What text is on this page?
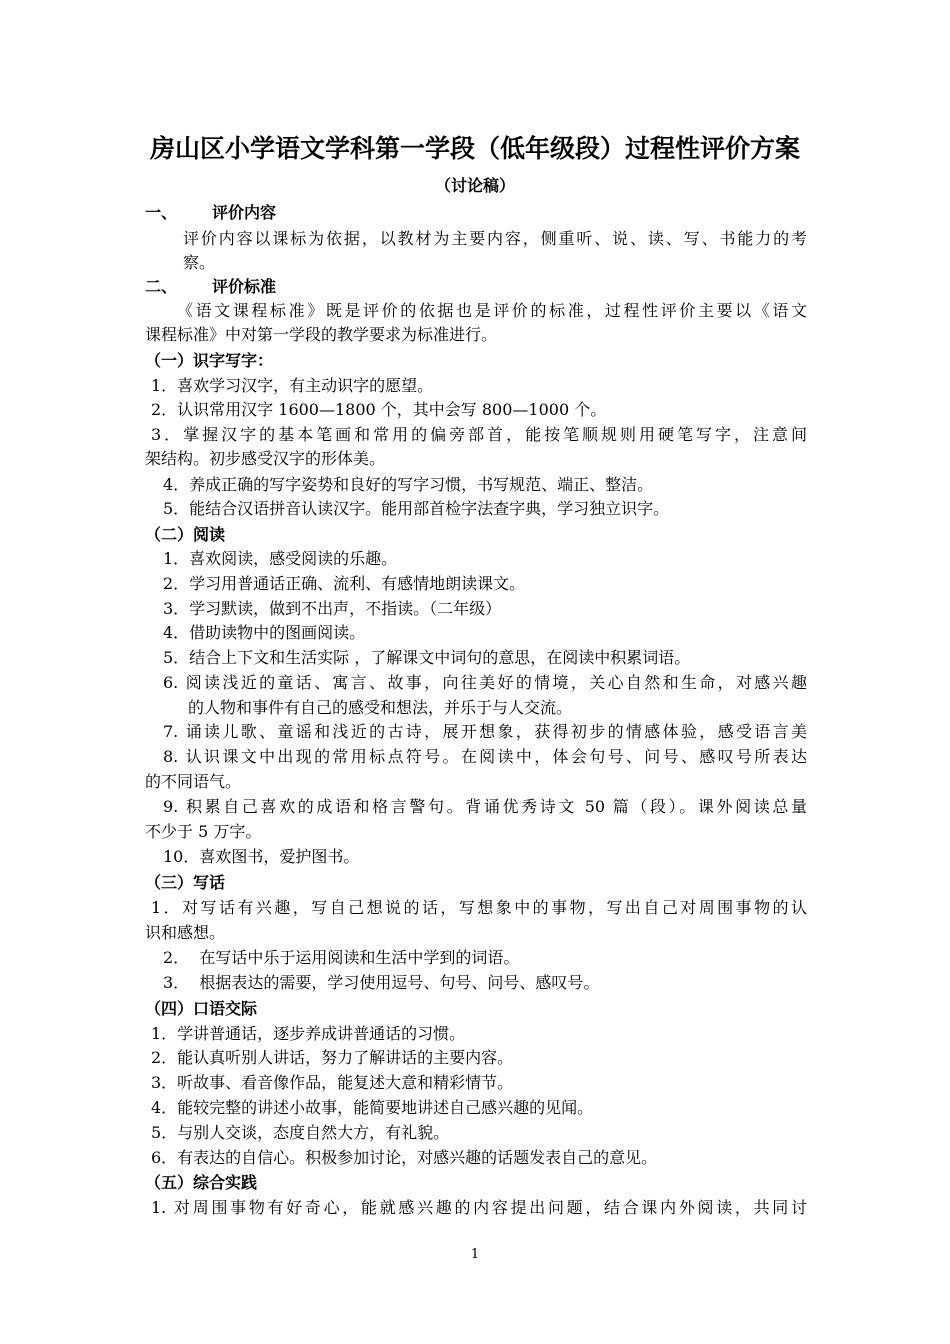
房山区小学语文学科第一学段（低年级段）过程性评价方案
（讨论稿）
一、 评价内容
评价内容以课标为依据，以教材为主要内容，侧重听、说、读、写、书能力的考
察。
二、 评价标准
《语文课程标准》既是评价的依据也是评价的标准，过程性评价主要以《语文
课程标准》中对第一学段的教学要求为标准进行。
（一）识字写字：
1．喜欢学习汉字，有主动识字的愿望。
2．认识常用汉字 1600—1800 个，其中会写 800—1000 个。
3．掌握汉字的基本笔画和常用的偏旁部首，能按笔顺规则用硬笔写字，注意间
架结构。初步感受汉字的形体美。
4．养成正确的写字姿势和良好的写字习惯，书写规范、端正、整洁。
5．能结合汉语拼音认读汉字。能用部首检字法查字典，学习独立识字。
（二）阅读
1．喜欢阅读，感受阅读的乐趣。
2．学习用普通话正确、流利、有感情地朗读课文。
3．学习默读，做到不出声，不指读。（二年级）
4．借助读物中的图画阅读。
5．结合上下文和生活实际 ，了解课文中词句的意思，在阅读中积累词语。
6. 阅读浅近的童话、寓言、故事，向往美好的情境，关心自然和生命，对感兴趣
的人物和事件有自己的感受和想法，并乐于与人交流。
7. 诵读儿歌、童谣和浅近的古诗，展开想象，获得初步的情感体验，感受语言美
8. 认识课文中出现的常用标点符号。在阅读中，体会句号、问号、感叹号所表达
的不同语气。
9. 积累自己喜欢的成语和格言警句。背诵优秀诗文 50 篇（段）。课外阅读总量
不少于 5 万字。
10．喜欢图书，爱护图书。
（三）写话
1．对写话有兴趣，写自己想说的话，写想象中的事物，写出自己对周围事物的认
识和感想。
2．  在写话中乐于运用阅读和生活中学到的词语。
3．  根据表达的需要，学习使用逗号、句号、问号、感叹号。
（四）口语交际
1．学讲普通话，逐步养成讲普通话的习惯。
2．能认真听别人讲话，努力了解讲话的主要内容。
3．听故事、看音像作品，能复述大意和精彩情节。
4．能较完整的讲述小故事，能简要地讲述自己感兴趣的见闻。
5．与别人交谈，态度自然大方，有礼貌。
6．有表达的自信心。积极参加讨论，对感兴趣的话题发表自己的意见。
（五）综合实践
1. 对周围事物有好奇心，能就感兴趣的内容提出问题，结合课内外阅读，共同讨
1
